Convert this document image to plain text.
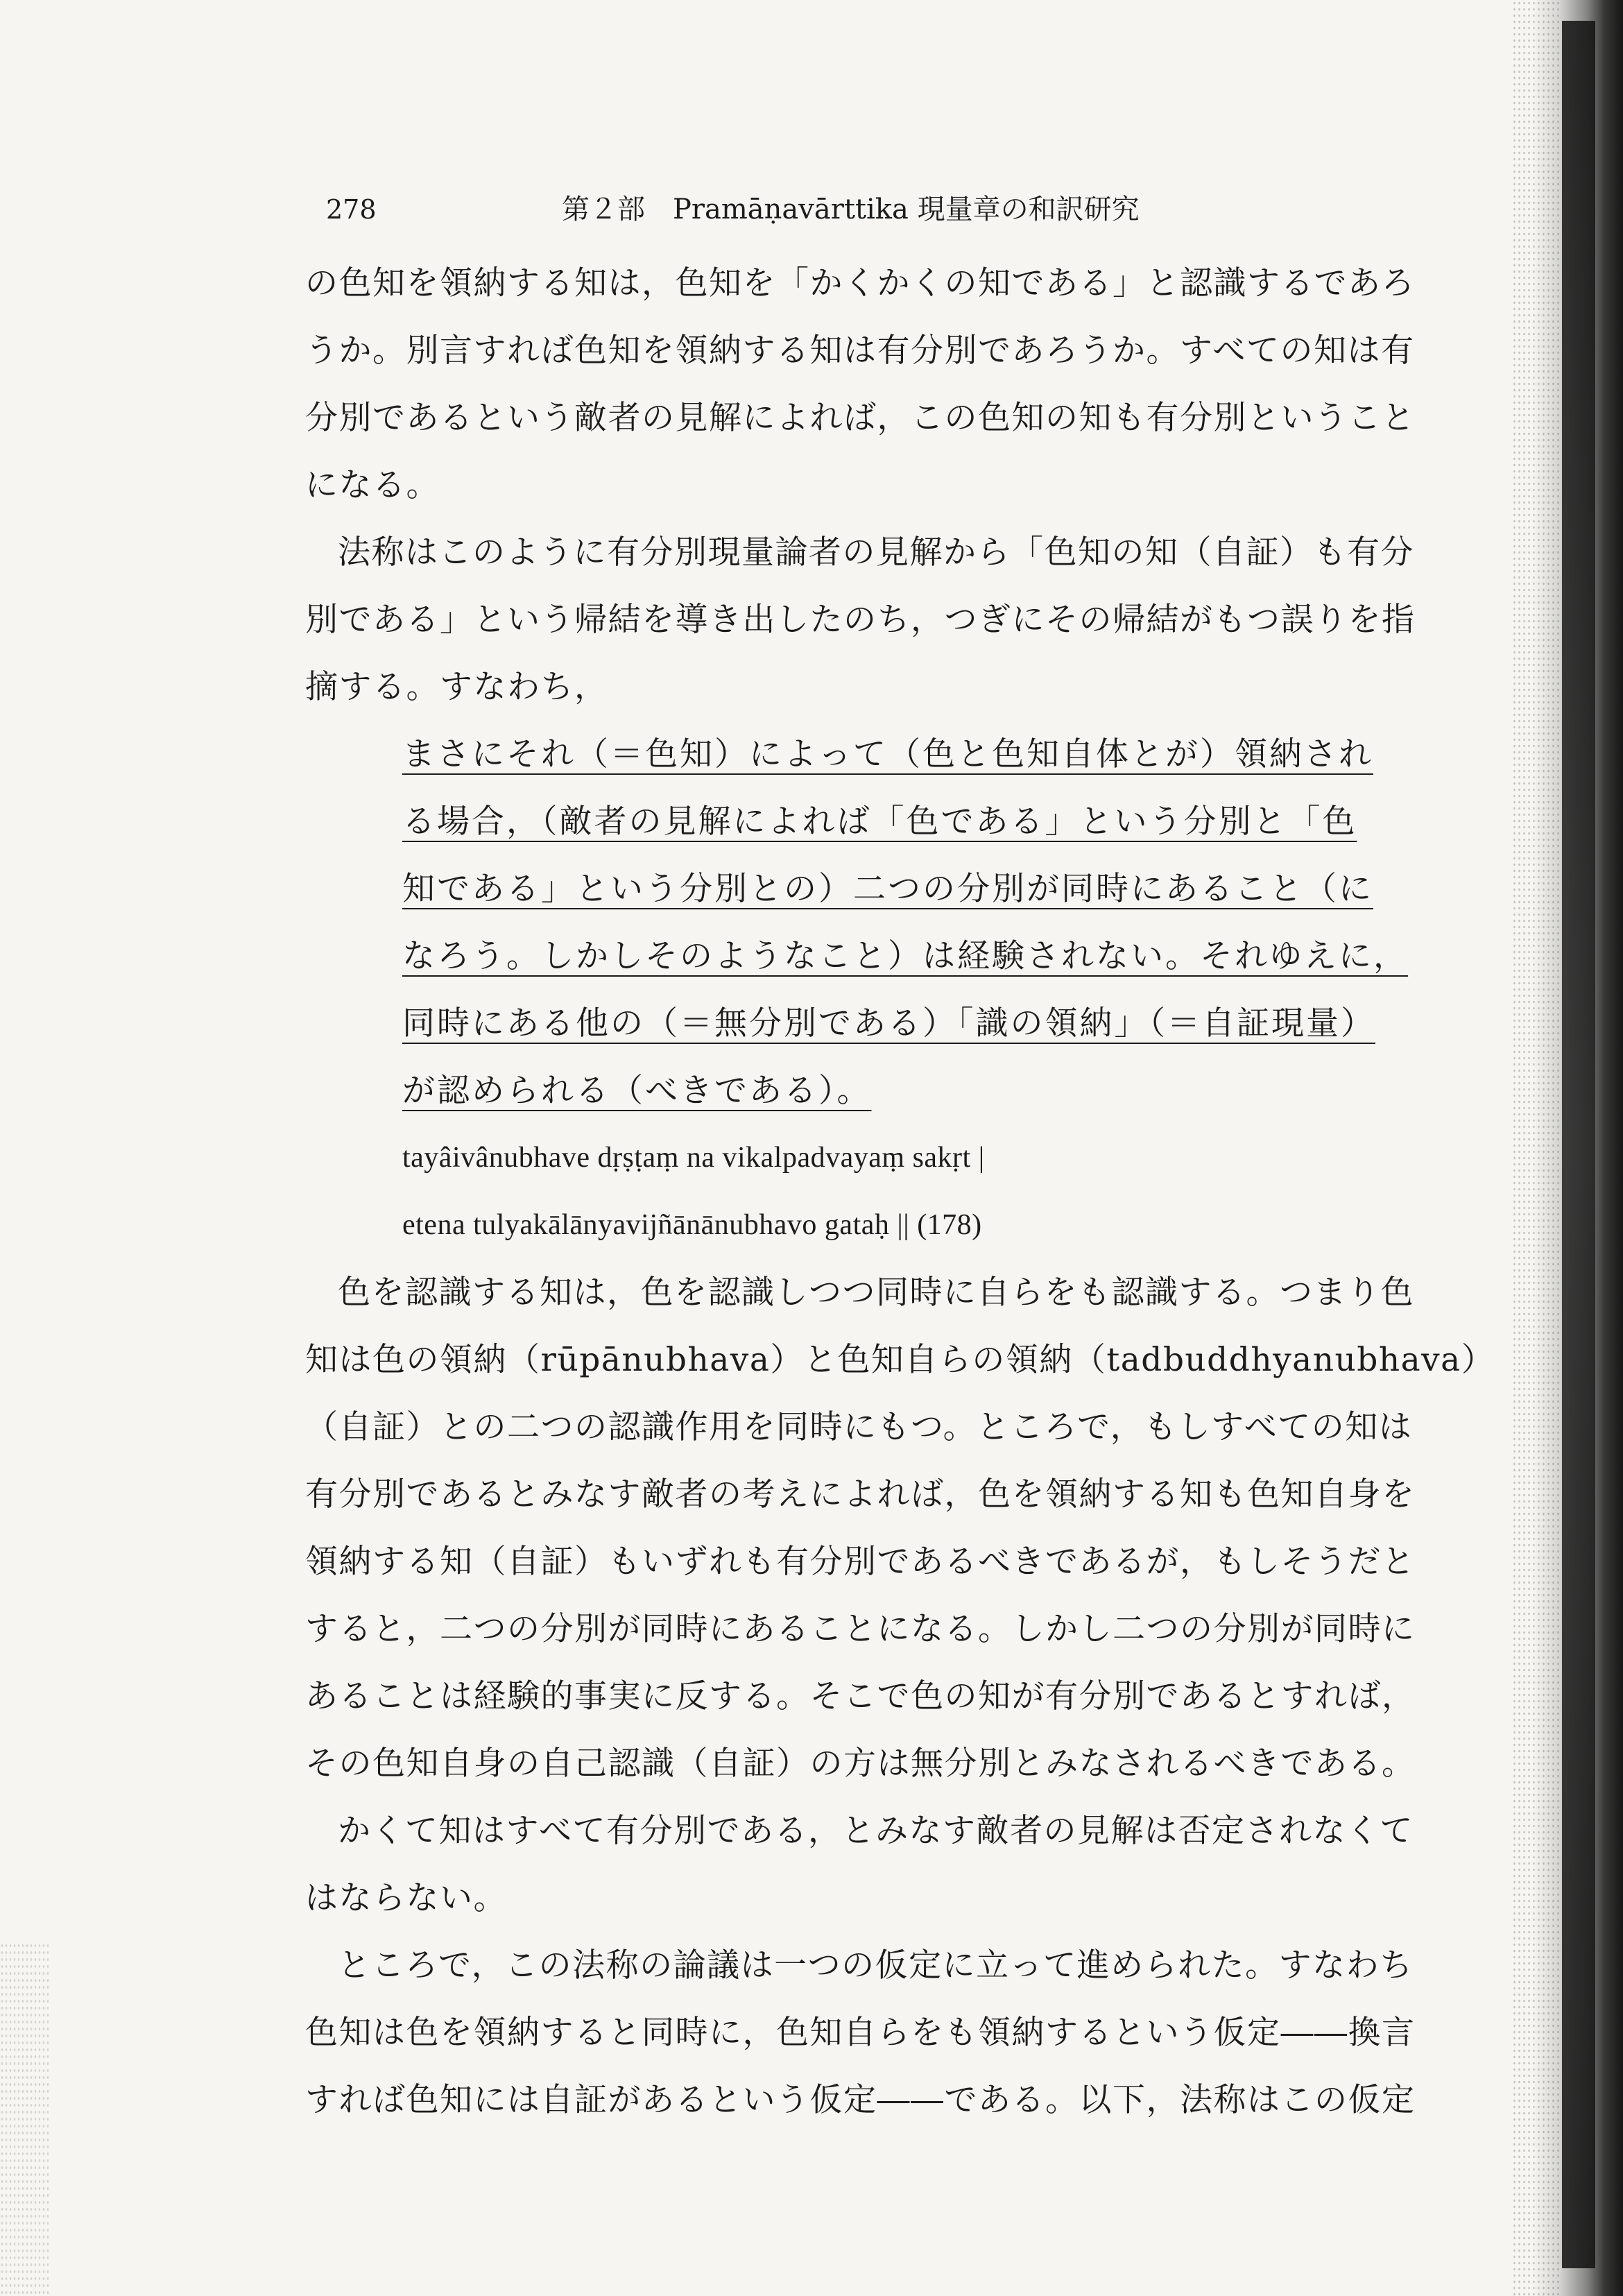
278	第２部　Pramāṇavārttika 現量章の和訳研究

の色知を領納する知は，色知を「かくかくの知である」と認識するであろ
うか。別言すれば色知を領納する知は有分別であろうか。すべての知は有
分別であるという敵者の見解によれば，この色知の知も有分別ということ
になる。

法称はこのように有分別現量論者の見解から「色知の知（自証）も有分
別である」という帰結を導き出したのち，つぎにその帰結がもつ誤りを指
摘する。すなわち，

まさにそれ（＝色知）によって（色と色知自体とが）領納され
る場合，（敵者の見解によれば「色である」という分別と「色
知である」という分別との）二つの分別が同時にあること（に
なろう。しかしそのようなこと）は経験されない。それゆえに，
同時にある他の（＝無分別である）「識の領納」（＝自証現量）
が認められる（べきである）。
tayâivânubhave dṛṣṭaṃ na vikalpadvayaṃ sakṛt |
etena tulyakālānyavijñānānubhavo gataḥ || (178)

色を認識する知は，色を認識しつつ同時に自らをも認識する。つまり色
知は色の領納（rūpānubhava）と色知自らの領納（tadbuddhyanubhava）
（自証）との二つの認識作用を同時にもつ。ところで，もしすべての知は
有分別であるとみなす敵者の考えによれば，色を領納する知も色知自身を
領納する知（自証）もいずれも有分別であるべきであるが，もしそうだと
すると，二つの分別が同時にあることになる。しかし二つの分別が同時に
あることは経験的事実に反する。そこで色の知が有分別であるとすれば，
その色知自身の自己認識（自証）の方は無分別とみなされるべきである。

かくて知はすべて有分別である，とみなす敵者の見解は否定されなくて
はならない。

ところで，この法称の論議は一つの仮定に立って進められた。すなわち
色知は色を領納すると同時に，色知自らをも領納するという仮定――換言
すれば色知には自証があるという仮定――である。以下，法称はこの仮定
